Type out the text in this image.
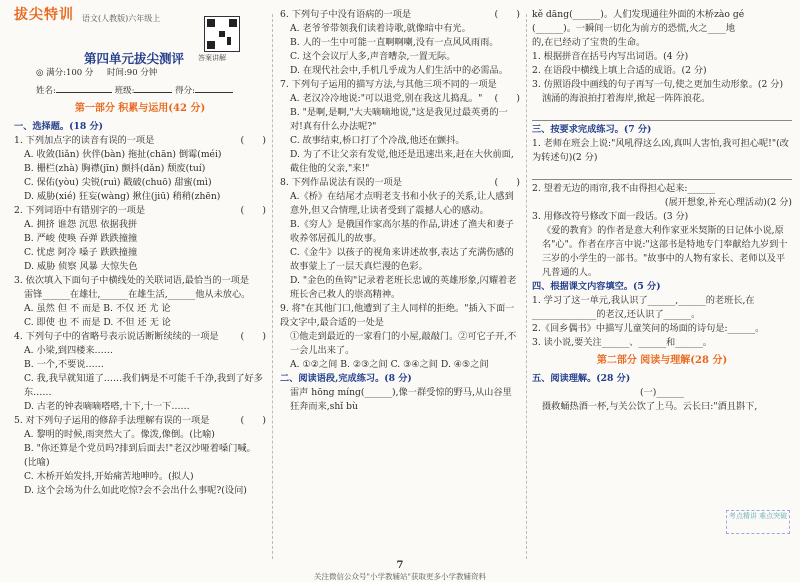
拔尖特训 语文(人教版)六年级上
答案讲解
第四单元拔尖测评
◎ 满分:100 分 时间:90 分钟
姓名:	班级:	得分:
第一部分 积累与运用(42 分)
一、选择题。(18 分)

1. 下列加点字的读音有误的一项是	(　　)

A. 收敛(liǎn) 伙伴(bàn) 拖扯(chān) 倒霉(méi)

B. 栅栏(zhà) 胸襟(jīn) 颤抖(dǎn) 颓废(tuí)

C. 保佑(yòu) 尖锐(ruì) 戳破(chuō) 甜蜜(mì)

D. 威胁(xié) 狂妄(wàng) 揪住(jiū) 稍稍(zhēn)

2. 下列词语中有错别字的一项是	(　　)

A. 拥挤 谁怨 沉思 依据我拼

B. 严峻 使唤 吞弹 跌跌撞撞

C. 忧虑 阿冷 嗓子 跌跌撞撞

D. 威胁 侦察 风暴 大惊失色

3. 依次填入下面句子中横线处的关联词语,最恰当的一项是

雷锋______在雄壮,______在雄生活,______他从未放心。

A. 虽然 但 不 而是 B. 不仅 还 尤 论

C. 即使 也 不 而是 D. 不但 还 无 论

4. 下列句子中的省略号表示说话断断续续的一项是 (　　)

A. 小梁,到四楼来……

B. 一个,不要说……

C. 我,我早就知道了……我们俩是不可能千千净,我到了好多东……

D. 古老的钟表嘀嘀嗒嗒,十下,十一下……

5. 对下列句子运用的修辞手法理解有误的一项是	(　　)

A. 黎明的时候,雨突然大了。像泼,像倒。(比喻)

B. "你还算是个党员吗?排到后面去!"老汉沙哑着嗓门喊。(比喻)

C. 木桥开始发抖,开始痛苦地呻吟。(拟人)

D. 这个会场为什么如此吃惊?会不会出什么事呢?(设问)

6. 下列句子中没有语病的一项是	(　　)

A. 老爷爷带领我们读着诗歌,就像暗中有光。

B. 人的一生中可能一直啊啊喇,没有一点风风雨雨。

C. 这个会议厅人多,声音嘈杂,一置无际。

D. 在现代社会中,手机几乎成为人们生活中的必需品。

7. 下列句子运用的描写方法,与其他三项不同的一项是
(　　)

A. 老汉冷冷地说:"可以退党,别在我这儿捣乱。"

B. "是啊,是啊,"大夫嘀嘀地说,"这是我见过最英勇的一对!真有什么办法呢?"

C. 故事结束,桥口打了个冷战,他还在颤抖。

D. 为了不让父亲有发觉,他还是迅速出来,赶在大伙前面,截住他的父亲,"来!"

8. 下列作品说法有误的一项是	(　　)

A.《桥》在结尾才点明老支书和小伙子的关系,让人感到意外,但又合情理,让读者受到了震撼人心的感动。

B.《穷人》是俄国作家高尔基的作品,讲述了渔夫和妻子收养邻居孤儿的故事。

C.《金牛》以孩子的视角来讲述故事,表达了充满伤感的故事蒙上了一层天真烂漫的色彩。

D. "金色的鱼钩"记录着老班长忠诚的英雄形象,闪耀着老班长舍己救人的崇高精神。

9. 将"在其他门口,他遭到了主人同样的拒绝。"插入下面一段文字中,最合适的一处是

①他走到最近的一家看门的小屋,敲敲门。②可它子开,不一会儿出来了。

A. ①②之间 B. ②③之间 C. ③④之间 D. ④⑤之间

二、阅读语段,完成练习。(8 分)

雷声 hōng míng(______),像一群受惊的野马,从山谷里狂奔而来,shǐ bù

kě dāng(______)。人们发现通往外面的木桥zào gé

(______)。一瞬间一切化为前方的恐慌,火之____地

的,在已经动了宝贵的生命。

1. 根据拼音在括号内写出词语。(4 分)

2. 在语段中横线上填上合适的成语。(2 分)

3. 仿照语段中画线的句子再写一句,使之更加生动形象。(2 分)

汹涌的海浪拍打着海岸,掀起一阵阵浪花。

三、按要求完成练习。(7 分)

1. 老师在班会上说:"风吼得这么凶,真叫人害怕,我可担心呢!"(改为转述句)(2 分)

2. 望着无边的雨帘,我不由得担心起来:______

(展开想象,补充心理活动)(2 分)

3. 用修改符号修改下面一段话。(3 分)

《爱的教育》的作者是意大利作家亚米契斯的日记体小说,原名"心"。作者在序言中说:"这部书是特地专门奉献给九岁到十三岁的小学生的一部书。"故事中的人物有家长、老师以及平凡普通的人。

四、根据课文内容填空。(5 分)

1. 学习了这一单元,我认识了______,______的老班长,在______________的老汉,还认识了______。

2.《回乡偶书》中描写儿童笑问的场面的诗句是:______。

3. 读小说,要关注______、______和______。

第二部分 阅读与理解(28 分)
五、阅读理解。(28 分)

(一)______

摄救蛹热酒一杯,与关公饮了上马。云长曰:"酒且斟下,

考点精讲 难点突破
7
关注微信公众号"小学教辅站"获取更多小学教辅资料
